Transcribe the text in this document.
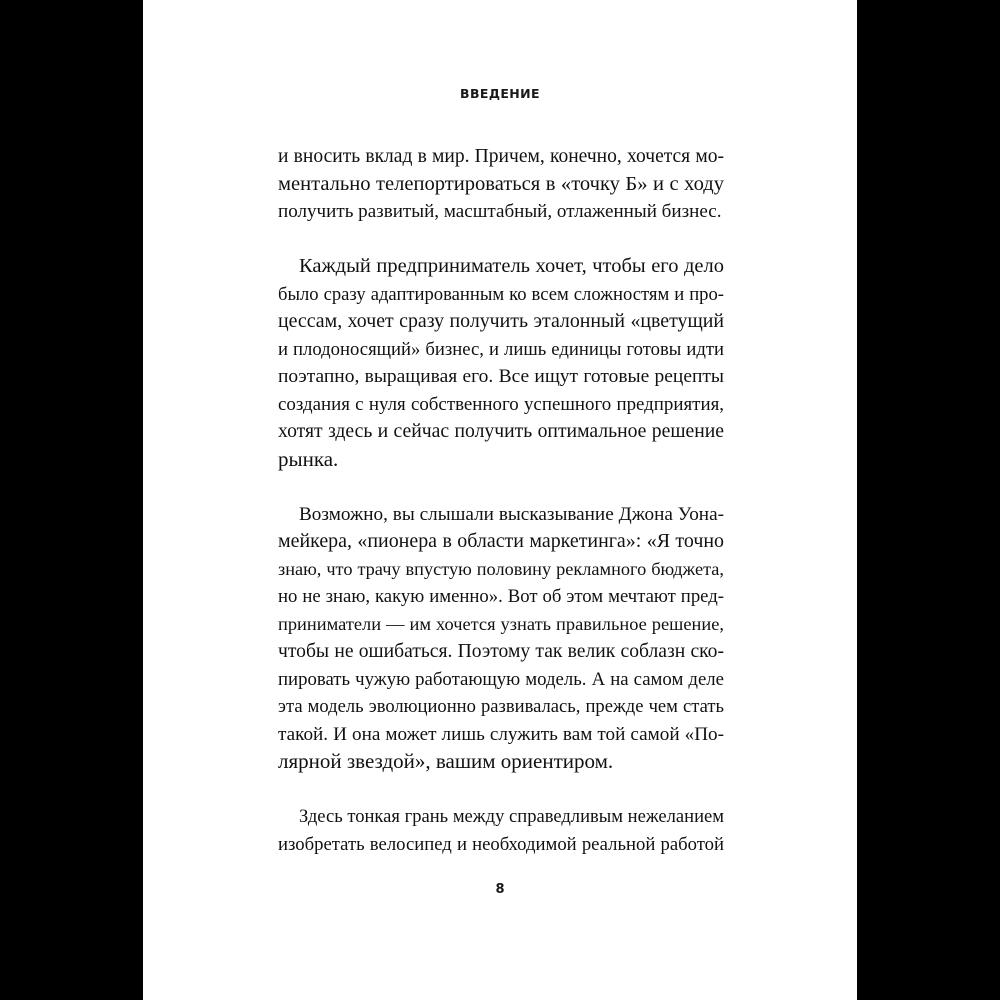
ВВЕДЕНИЕ
и вносить вклад в мир. Причем, конечно, хочется мо-
ментально телепортироваться в «точку Б» и с ходу
получить развитый, масштабный, отлаженный бизнес.
Каждый предприниматель хочет, чтобы его дело
было сразу адаптированным ко всем сложностям и про-
цессам, хочет сразу получить эталонный «цветущий
и плодоносящий» бизнес, и лишь единицы готовы идти
поэтапно, выращивая его. Все ищут готовые рецепты
создания с нуля собственного успешного предприятия,
хотят здесь и сейчас получить оптимальное решение
рынка.
Возможно, вы слышали высказывание Джона Уона-
мейкера, «пионера в области маркетинга»: «Я точно
знаю, что трачу впустую половину рекламного бюджета,
но не знаю, какую именно». Вот об этом мечтают пред-
приниматели — им хочется узнать правильное решение,
чтобы не ошибаться. Поэтому так велик соблазн ско-
пировать чужую работающую модель. А на самом деле
эта модель эволюционно развивалась, прежде чем стать
такой. И она может лишь служить вам той самой «По-
лярной звездой», вашим ориентиром.
Здесь тонкая грань между справедливым нежеланием
изобретать велосипед и необходимой реальной работой
8
